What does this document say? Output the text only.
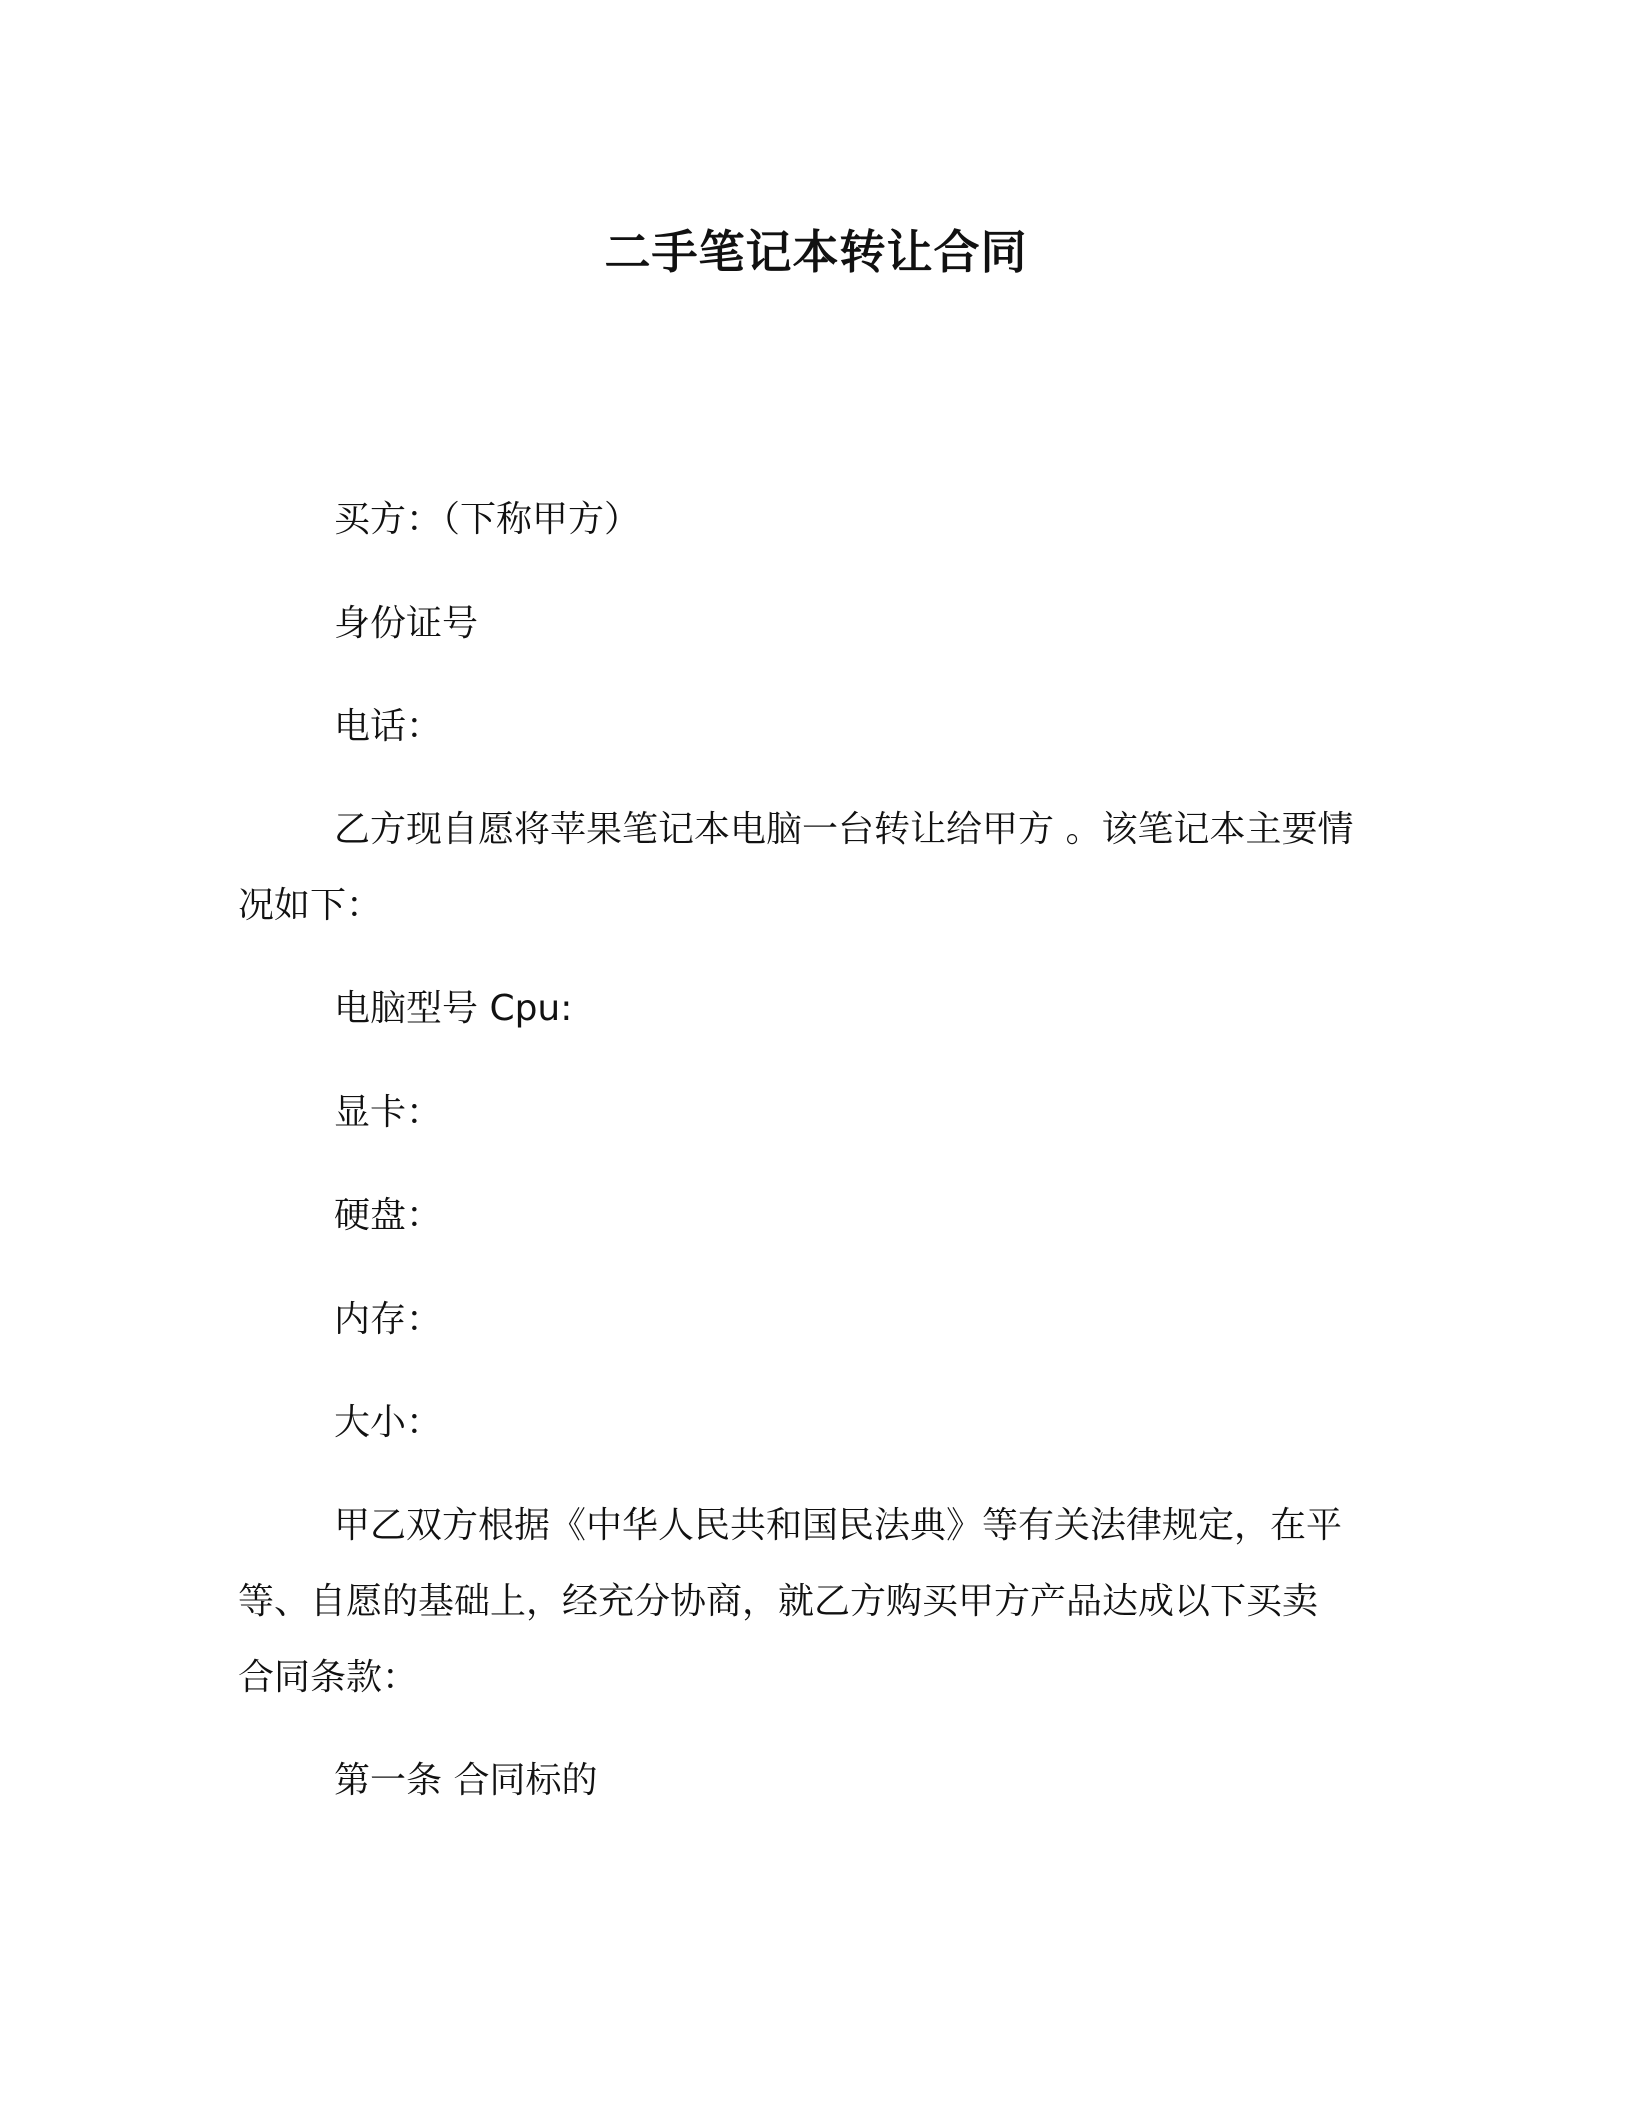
二手笔记本转让合同
买方：（下称甲方）
身份证号
电话：
乙方现自愿将苹果笔记本电脑一台转让给甲方 。该笔记本主要情
况如下：
电脑型号 Cpu:
显卡：
硬盘：
内存：
大小：
甲乙双方根据《中华人民共和国民法典》等有关法律规定，在平
等、自愿的基础上，经充分协商，就乙方购买甲方产品达成以下买卖
合同条款：
第一条 合同标的
